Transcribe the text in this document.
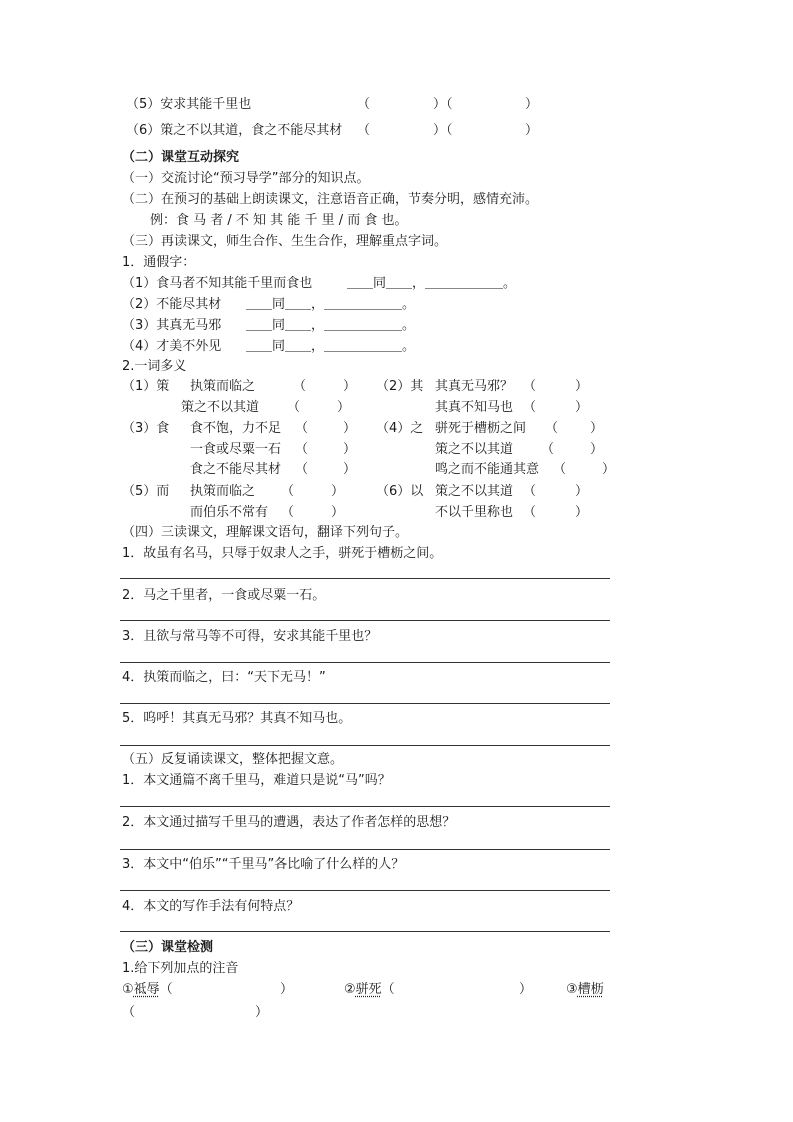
（5）安求其能千里也	（	）（	）
（6）策之不以其道，食之不能尽其材 （	）（	）
（二）课堂互动探究
（一）交流讨论“预习导学”部分的知识点。
（二）在预习的基础上朗读课文，注意语音正确，节奏分明，感情充沛。
例：食 马 者 / 不 知 其 能 千 里 / 而 食 也。
（三）再读课文，师生合作、生生合作，理解重点字词。
1．通假字：
（1）食马者不知其能千里而食也	＿＿同＿＿，＿＿＿＿＿＿。
（2）不能尽其材 ＿＿同＿＿，＿＿＿＿＿＿。
（3）其真无马邪 ＿＿同＿＿，＿＿＿＿＿＿。
（4）才美不外见 ＿＿同＿＿，＿＿＿＿＿＿。
2.一词多义
（1）策 执策而临之	（	）
策之不以其道 （	）
（2）其 其真无马邪？ （	）
其真不知马也 （	）
（3）食 食不饱，力不足 （	）
一食或尽粟一石 （	）
食之不能尽其材 （	）
（4）之 骈死于槽枥之间 （ ）
策之不以其道 （	）
鸣之而不能通其意 （	）
（5）而 执策而临之 （	）
而伯乐不常有 （	）
（6）以 策之不以其道 （	）
不以千里称也 （	）
（四）三读课文，理解课文语句，翻译下列句子。
1．故虽有名马，只辱于奴隶人之手，骈死于槽枥之间。
2．马之千里者，一食或尽粟一石。
3．且欲与常马等不可得，安求其能千里也？
4．执策而临之，曰：“天下无马！”
5．呜呼！其真无马邪？其真不知马也。
（五）反复诵读课文，整体把握文意。
1．本文通篇不离千里马，难道只是说“马”吗？
2．本文通过描写千里马的遭遇，表达了作者怎样的思想？
3．本文中“伯乐”“千里马”各比喻了什么样的人？
4．本文的写作手法有何特点？
（三）课堂检测
1.给下列加点的注音
①祗辱（	）	②骈死（	）	③槽枥
（	）
